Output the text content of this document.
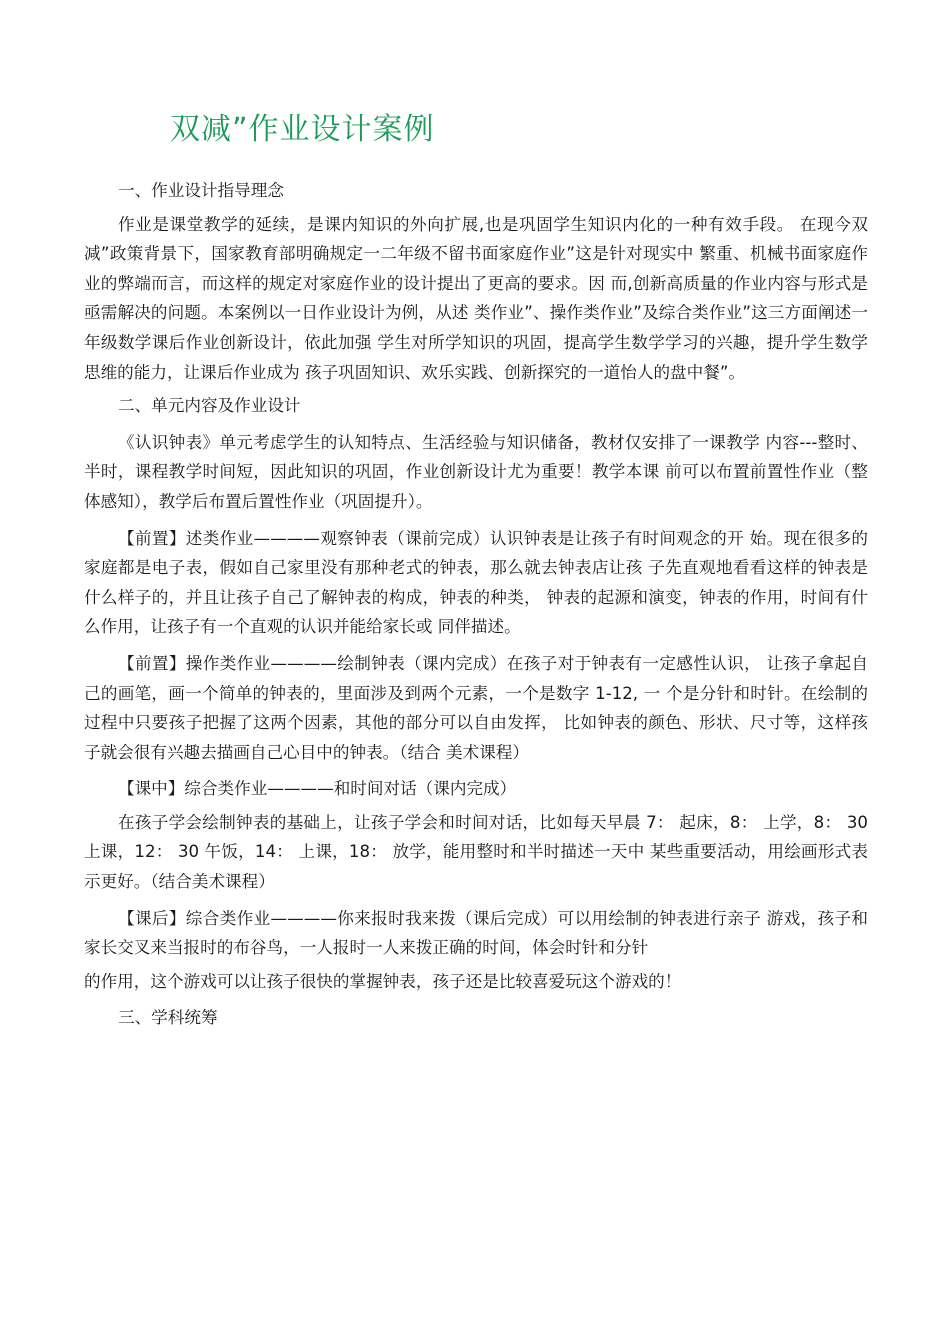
双减”作业设计案例

一、作业设计指导理念

作业是课堂教学的延续，是课内知识的外向扩展,也是巩固学生知识内化的一种有效手段。 在现今双减”政策背景下，国家教育部明确规定一二年级不留书面家庭作业”这是针对现实中 繁重、机械书面家庭作业的弊端而言，而这样的规定对家庭作业的设计提出了更高的要求。因 而,创新高质量的作业内容与形式是亟需解决的问题。本案例以一日作业设计为例，从述 类作业”、操作类作业”及综合类作业”这三方面阐述一年级数学课后作业创新设计，依此加强 学生对所学知识的巩固，提高学生数学学习的兴趣，提升学生数学思维的能力，让课后作业成为 孩子巩固知识、欢乐实践、创新探究的一道怡人的盘中餐”。

二、单元内容及作业设计

《认识钟表》单元考虑学生的认知特点、生活经验与知识储备，教材仅安排了一课教学 内容---整时、半时，课程教学时间短，因此知识的巩固，作业创新设计尤为重要！教学本课 前可以布置前置性作业（整体感知），教学后布置后置性作业（巩固提升）。

【前置】述类作业————观察钟表（课前完成）认识钟表是让孩子有时间观念的开 始。现在很多的家庭都是电子表，假如自己家里没有那种老式的钟表，那么就去钟表店让孩 子先直观地看看这样的钟表是什么样子的，并且让孩子自己了解钟表的构成，钟表的种类， 钟表的起源和演变，钟表的作用，时间有什么作用，让孩子有一个直观的认识并能给家长或 同伴描述。

【前置】操作类作业————绘制钟表（课内完成）在孩子对于钟表有一定感性认识， 让孩子拿起自己的画笔，画一个简单的钟表的，里面涉及到两个元素，一个是数字 1-12, 一 个是分针和时针。在绘制的过程中只要孩子把握了这两个因素，其他的部分可以自由发挥， 比如钟表的颜色、形状、尺寸等，这样孩子就会很有兴趣去描画自己心目中的钟表。（结合 美术课程）

【课中】综合类作业————和时间对话（课内完成）

在孩子学会绘制钟表的基础上，让孩子学会和时间对话，比如每天早晨 7： 起床，8： 上学，8： 30 上课，12： 30 午饭，14： 上课，18： 放学，能用整时和半时描述一天中 某些重要活动，用绘画形式表示更好。（结合美术课程）

【课后】综合类作业————你来报时我来拨（课后完成）可以用绘制的钟表进行亲子 游戏，孩子和家长交叉来当报时的布谷鸟，一人报时一人来拨正确的时间，体会时针和分针

的作用，这个游戏可以让孩子很快的掌握钟表，孩子还是比较喜爱玩这个游戏的！

三、学科统筹
